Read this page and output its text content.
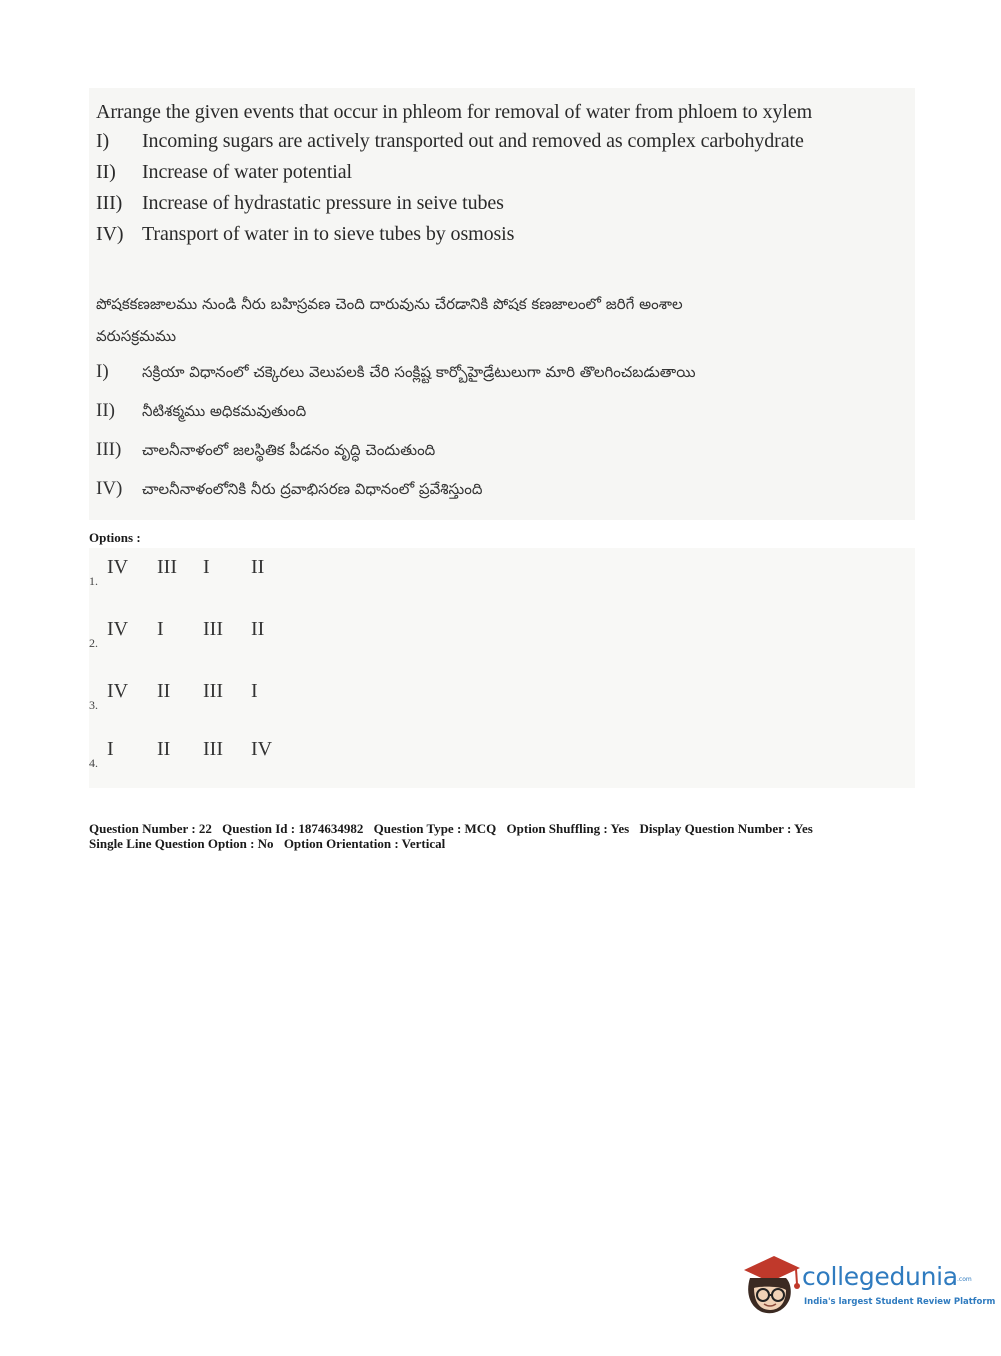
Arrange the given events that occur in phleom for removal of water from phloem to xylem
I) Incoming sugars are actively transported out and removed as complex carbohydrate
II) Increase of water potential
III) Increase of hydrastatic pressure in seive tubes
IV) Transport of water in to sieve tubes by osmosis
పోషకకణజాలము నుండి నీరు బహిస్రవణ చెంది దారువును చేరడానికి పోషక కణజాలంలో జరిగే అంశాల
వరుసక్రమము
I) సక్రియా విధానంలో చక్కెరలు వెలుపలకి చేరి సంక్లిష్ట కార్బోహైడ్రేటులుగా మారి తొలగించబడుతాయి
II) నీటిశక్మము అధికమవుతుంది
III) చాలనీనాళంలో జలస్థితిక పీడనం వృద్ధి చెందుతుంది
IV) చాలనీనాళంలోనికి నీరు ద్రవాభిసరణ విధానంలో ప్రవేశిస్తుంది
Options :
1.
IV III I II
2.
IV I III II
3.
IV II III I
4.
I II III IV
Question Number : 22 Question Id : 1874634982 Question Type : MCQ Option Shuffling : Yes Display Question Number : Yes
Single Line Question Option : No Option Orientation : Vertical
collegedunia .com
India's largest Student Review Platform
